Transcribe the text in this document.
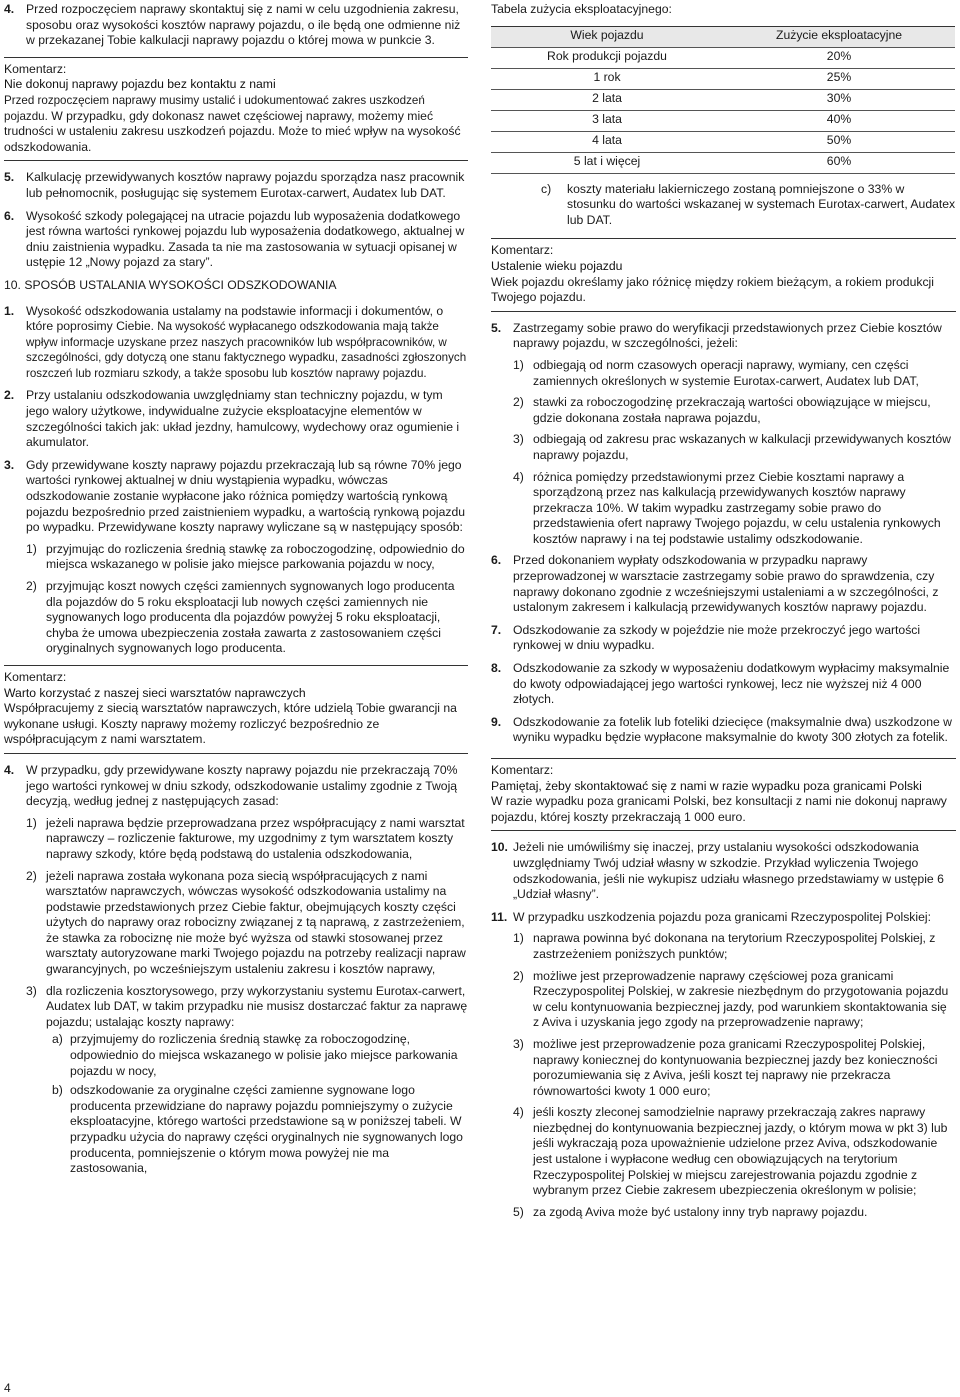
4. Przed rozpoczęciem naprawy skontaktuj się z nami w celu uzgodnienia zakresu, sposobu oraz wysokości kosztów naprawy pojazdu, o ile będą one odmienne niż w przekazanej Tobie kalkulacji naprawy pojazdu o której mowa w punkcie 3.

Komentarz:

Nie dokonuj naprawy pojazdu bez kontaktu z nami

Przed rozpoczęciem naprawy musimy ustalić i udokumentować zakres uszkodzeń pojazdu. W przypadku, gdy dokonasz nawet częściowej naprawy, możemy mieć trudności w ustaleniu zakresu uszkodzeń pojazdu. Może to mieć wpływ na wysokość odszkodowania.

5. Kalkulację przewidywanych kosztów naprawy pojazdu sporządza nasz pracownik lub pełnomocnik, posługując się systemem Eurotax-carwert, Audatex lub DAT.

6. Wysokość szkody polegającej na utracie pojazdu lub wyposażenia dodatkowego jest równa wartości rynkowej pojazdu lub wyposażenia dodatkowego, aktualnej w dniu zaistnienia wypadku. Zasada ta nie ma zastosowania w sytuacji opisanej w ustępie 12 „Nowy pojazd za stary”.

10. SPOSÓB USTALANIA WYSOKOŚCI ODSZKODOWANIA
1. Wysokość odszkodowania ustalamy na podstawie informacji i dokumentów, o które poprosimy Ciebie. Na wysokość wypłacanego odszkodowania mają także wpływ informacje uzyskane przez naszych pracowników lub współpracowników, w szczególności, gdy dotyczą one stanu faktycznego wypadku, zasadności zgłoszonych roszczeń lub rozmiaru szkody, a także sposobu lub kosztów naprawy pojazdu.

2. Przy ustalaniu odszkodowania uwzględniamy stan techniczny pojazdu, w tym jego walory użytkowe, indywidualne zużycie eksploatacyjne elementów w szczególności takich jak: układ jezdny, hamulcowy, wydechowy oraz ogumienie i akumulator.

3. Gdy przewidywane koszty naprawy pojazdu przekraczają lub są równe 70% jego wartości rynkowej aktualnej w dniu wystąpienia wypadku, wówczas odszkodowanie zostanie wypłacone jako różnica pomiędzy wartością rynkową pojazdu bezpośrednio przed zaistnieniem wypadku, a wartością rynkową pojazdu po wypadku. Przewidywane koszty naprawy wyliczane są w następujący sposób:

1) przyjmując do rozliczenia średnią stawkę za roboczogodzinę, odpowiednio do miejsca wskazanego w polisie jako miejsce parkowania pojazdu w nocy,
2) przyjmując koszt nowych części zamiennych sygnowanych logo producenta dla pojazdów do 5 roku eksploatacji lub nowych części zamiennych nie sygnowanych logo producenta dla pojazdów powyżej 5 roku eksploatacji, chyba że umowa ubezpieczenia została zawarta z zastosowaniem części oryginalnych sygnowanych logo producenta.

Komentarz:

Warto korzystać z naszej sieci warsztatów naprawczych

Współpracujemy z siecią warsztatów naprawczych, które udzielą Tobie gwarancji na wykonane usługi. Koszty naprawy możemy rozliczyć bezpośrednio ze współpracującym z nami warsztatem.

4. W przypadku, gdy przewidywane koszty naprawy pojazdu nie przekraczają 70% jego wartości rynkowej w dniu szkody, odszkodowanie ustalimy zgodnie z Twoją decyzją, według jednej z następujących zasad:

1) jeżeli naprawa będzie przeprowadzana przez współpracujący z nami warsztat naprawczy – rozliczenie fakturowe, my uzgodnimy z tym warsztatem koszty naprawy szkody, które będą podstawą do ustalenia odszkodowania,
2) jeżeli naprawa została wykonana poza siecią współpracujących z nami warsztatów naprawczych, wówczas wysokość odszkodowania ustalimy na podstawie przedstawionych przez Ciebie faktur, obejmujących koszty części użytych do naprawy oraz robocizny związanej z tą naprawą, z zastrzeżeniem, że stawka za robociznę nie może być wyższa od stawki stosowanej przez warsztaty autoryzowane marki Twojego pojazdu na potrzeby realizacji napraw gwarancyjnych, po wcześniejszym ustaleniu zakresu i kosztów naprawy,
3) dla rozliczenia kosztorysowego, przy wykorzystaniu systemu Eurotax-carwert, Audatex lub DAT, w takim przypadku nie musisz dostarczać faktur za naprawę pojazdu; ustalając koszty naprawy:
a) przyjmujemy do rozliczenia średnią stawkę za roboczogodzinę, odpowiednio do miejsca wskazanego w polisie jako miejsce parkowania pojazdu w nocy,
b) odszkodowanie za oryginalne części zamienne sygnowane logo producenta przewidziane do naprawy pojazdu pomniejszymy o zużycie eksploatacyjne, którego wartości przedstawione są w poniższej tabeli. W przypadku użycia do naprawy części oryginalnych nie sygnowanych logo producenta, pomniejszenie o którym mowa powyżej nie ma zastosowania,

Tabela zużycia eksploatacyjnego:

Wiek pojazdu	Zużycie eksploatacyjne
Rok produkcji pojazdu	20%
1 rok	25%
2 lata	30%
3 lata	40%
4 lata	50%
5 lat i więcej	60%
c) koszty materiału lakierniczego zostaną pomniejszone o 33% w stosunku do wartości wskazanej w systemach Eurotax-carwert, Audatex lub DAT.

Komentarz:

Ustalenie wieku pojazdu

Wiek pojazdu określamy jako różnicę między rokiem bieżącym, a rokiem produkcji Twojego pojazdu.

5. Zastrzegamy sobie prawo do weryfikacji przedstawionych przez Ciebie kosztów naprawy pojazdu, w szczególności, jeżeli:

1) odbiegają od norm czasowych operacji naprawy, wymiany, cen części zamiennych określonych w systemie Eurotax-carwert, Audatex lub DAT,
2) stawki za roboczogodzinę przekraczają wartości obowiązujące w miejscu, gdzie dokonana została naprawa pojazdu,
3) odbiegają od zakresu prac wskazanych w kalkulacji przewidywanych kosztów naprawy pojazdu,
4) różnica pomiędzy przedstawionymi przez Ciebie kosztami naprawy a sporządzoną przez nas kalkulacją przewidywanych kosztów naprawy przekracza 10%. W takim wypadku zastrzegamy sobie prawo do przedstawienia ofert naprawy Twojego pojazdu, w celu ustalenia rynkowych kosztów naprawy i na tej podstawie ustalimy odszkodowanie.
6. Przed dokonaniem wypłaty odszkodowania w przypadku naprawy przeprowadzonej w warsztacie zastrzegamy sobie prawo do sprawdzenia, czy naprawy dokonano zgodnie z wcześniejszymi ustaleniami a w szczególności, z ustalonym zakresem i kalkulacją przewidywanych kosztów naprawy pojazdu.

7. Odszkodowanie za szkody w pojeździe nie może przekroczyć jego wartości rynkowej w dniu wypadku.

8. Odszkodowanie za szkody w wyposażeniu dodatkowym wypłacimy maksymalnie do kwoty odpowiadającej jego wartości rynkowej, lecz nie wyższej niż 4 000 złotych.

9. Odszkodowanie za fotelik lub foteliki dziecięce (maksymalnie dwa) uszkodzone w wyniku wypadku będzie wypłacone maksymalnie do kwoty 300 złotych za fotelik.

Komentarz:

Pamiętaj, żeby skontaktować się z nami w razie wypadku poza granicami Polski

W razie wypadku poza granicami Polski, bez konsultacji z nami nie dokonuj naprawy pojazdu, której koszty przekraczają 1 000 euro.

10. Jeżeli nie umówiliśmy się inaczej, przy ustalaniu wysokości odszkodowania uwzględniamy Twój udział własny w szkodzie. Przykład wyliczenia Twojego odszkodowania, jeśli nie wykupisz udziału własnego przedstawiamy w ustępie 6 „Udział własny”.

11. W przypadku uszkodzenia pojazdu poza granicami Rzeczypospolitej Polskiej:

1) naprawa powinna być dokonana na terytorium Rzeczypospolitej Polskiej, z zastrzeżeniem poniższych punktów;
2) możliwe jest przeprowadzenie naprawy częściowej poza granicami Rzeczypospolitej Polskiej, w zakresie niezbędnym do przygotowania pojazdu w celu kontynuowania bezpiecznej jazdy, pod warunkiem skontaktowania się z Aviva i uzyskania jego zgody na przeprowadzenie naprawy;
3) możliwe jest przeprowadzenie poza granicami Rzeczypospolitej Polskiej, naprawy koniecznej do kontynuowania bezpiecznej jazdy bez konieczności porozumiewania się z Aviva, jeśli koszt tej naprawy nie przekracza równowartości kwoty 1 000 euro;
4) jeśli koszty zleconej samodzielnie naprawy przekraczają zakres naprawy niezbędnej do kontynuowania bezpiecznej jazdy, o którym mowa w pkt 3) lub jeśli wykraczają poza upoważnienie udzielone przez Aviva, odszkodowanie jest ustalone i wypłacone według cen obowiązujących na terytorium Rzeczypospolitej Polskiej w miejscu zarejestrowania pojazdu zgodnie z wybranym przez Ciebie zakresem ubezpieczenia określonym w polisie;
5) za zgodą Aviva może być ustalony inny tryb naprawy pojazdu.
4
